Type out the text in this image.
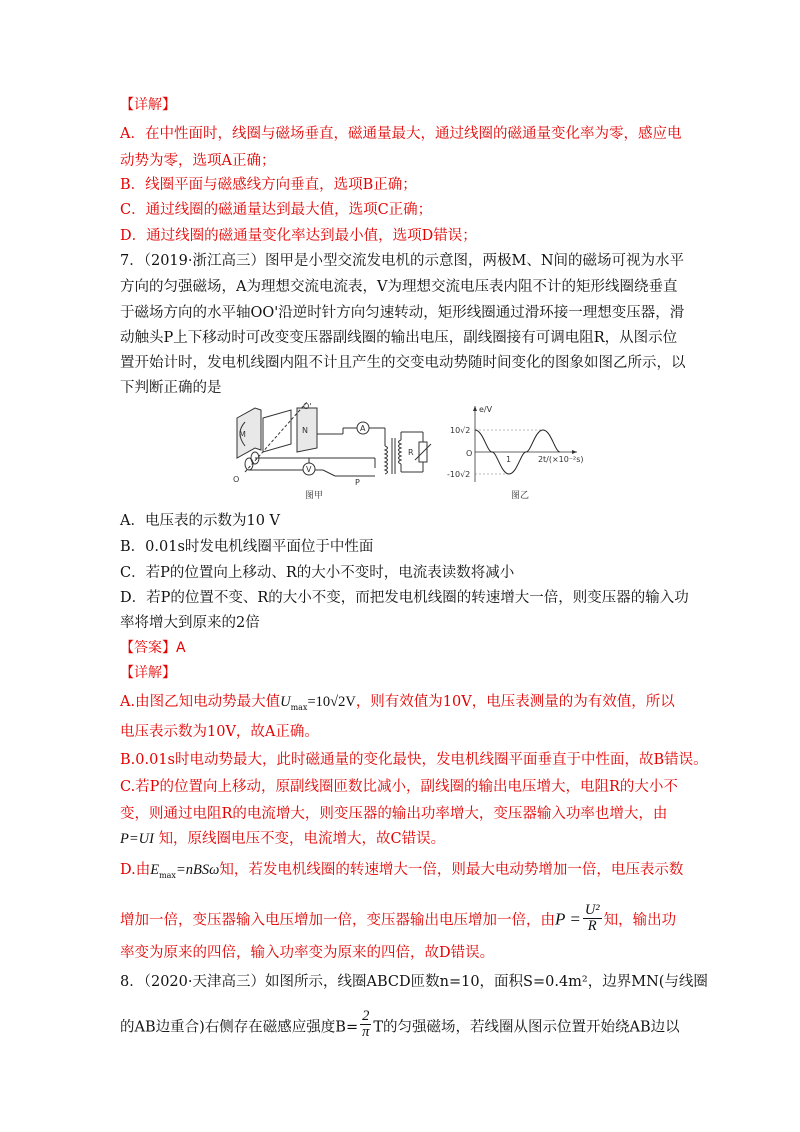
【详解】
A．在中性面时，线圈与磁场垂直，磁通量最大，通过线圈的磁通量变化率为零，感应电
动势为零，选项A正确；
B．线圈平面与磁感线方向垂直，选项B正确；
C．通过线圈的磁通量达到最大值，选项C正确；
D．通过线圈的磁通量变化率达到最小值，选项D错误；
7．（2019·浙江高三）图甲是小型交流发电机的示意图，两极M、N间的磁场可视为水平
方向的匀强磁场，A为理想交流电流表，V为理想交流电压表内阻不计的矩形线圈绕垂直
于磁场方向的水平轴OO'沿逆时针方向匀速转动，矩形线圈通过滑环接一理想变压器，滑
动触头P上下移动时可改变变压器副线圈的输出电压，副线圈接有可调电阻R，从图示位
置开始计时，发电机线圈内阻不计且产生的交变电动势随时间变化的图象如图乙所示，以
下判断正确的是
M	N
O'
O
A
V
R
P
图甲
e/V
10√2
-10√2
O
1	2 t/(×10⁻²s)
图乙
A．电压表的示数为10 V
B．0.01s时发电机线圈平面位于中性面
C．若P的位置向上移动、R的大小不变时，电流表读数将减小
D．若P的位置不变、R的大小不变，而把发电机线圈的转速增大一倍，则变压器的输入功
率将增大到原来的2倍
【答案】A
【详解】
A.由图乙知电动势最大值$U_{max}=10√2V$，则有效值为10V，电压表测量的为有效值，所以
电压表示数为10V，故A正确。
B.0.01s时电动势最大，此时磁通量的变化最快，发电机线圈平面垂直于中性面，故B错误。
C.若P的位置向上移动，原副线圈匝数比减小，副线圈的输出电压增大，电阻R的大小不
变，则通过电阻R的电流增大，则变压器的输出功率增大，变压器输入功率也增大，由
P=UI 知，原线圈电压不变，电流增大，故C错误。
D.由$E_{max}=nBS\omega$知，若发电机线圈的转速增大一倍，则最大电动势增加一倍，电压表示数
增加一倍，变压器输入电压增加一倍，变压器输出电压增加一倍，由$P = \frac{\text{U²}}{R}$ 知，输出功
率变为原来的四倍，输入功率变为原来的四倍，故D错误。
8．（2020·天津高三）如图所示，线圈ABCD匝数n=10，面积S=0.4m²，边界MN(与线圈
的AB边重合)右侧存在磁感应强度$B= \frac{2}{\pi}$ T的匀强磁场，若线圈从图示位置开始绕AB边以
